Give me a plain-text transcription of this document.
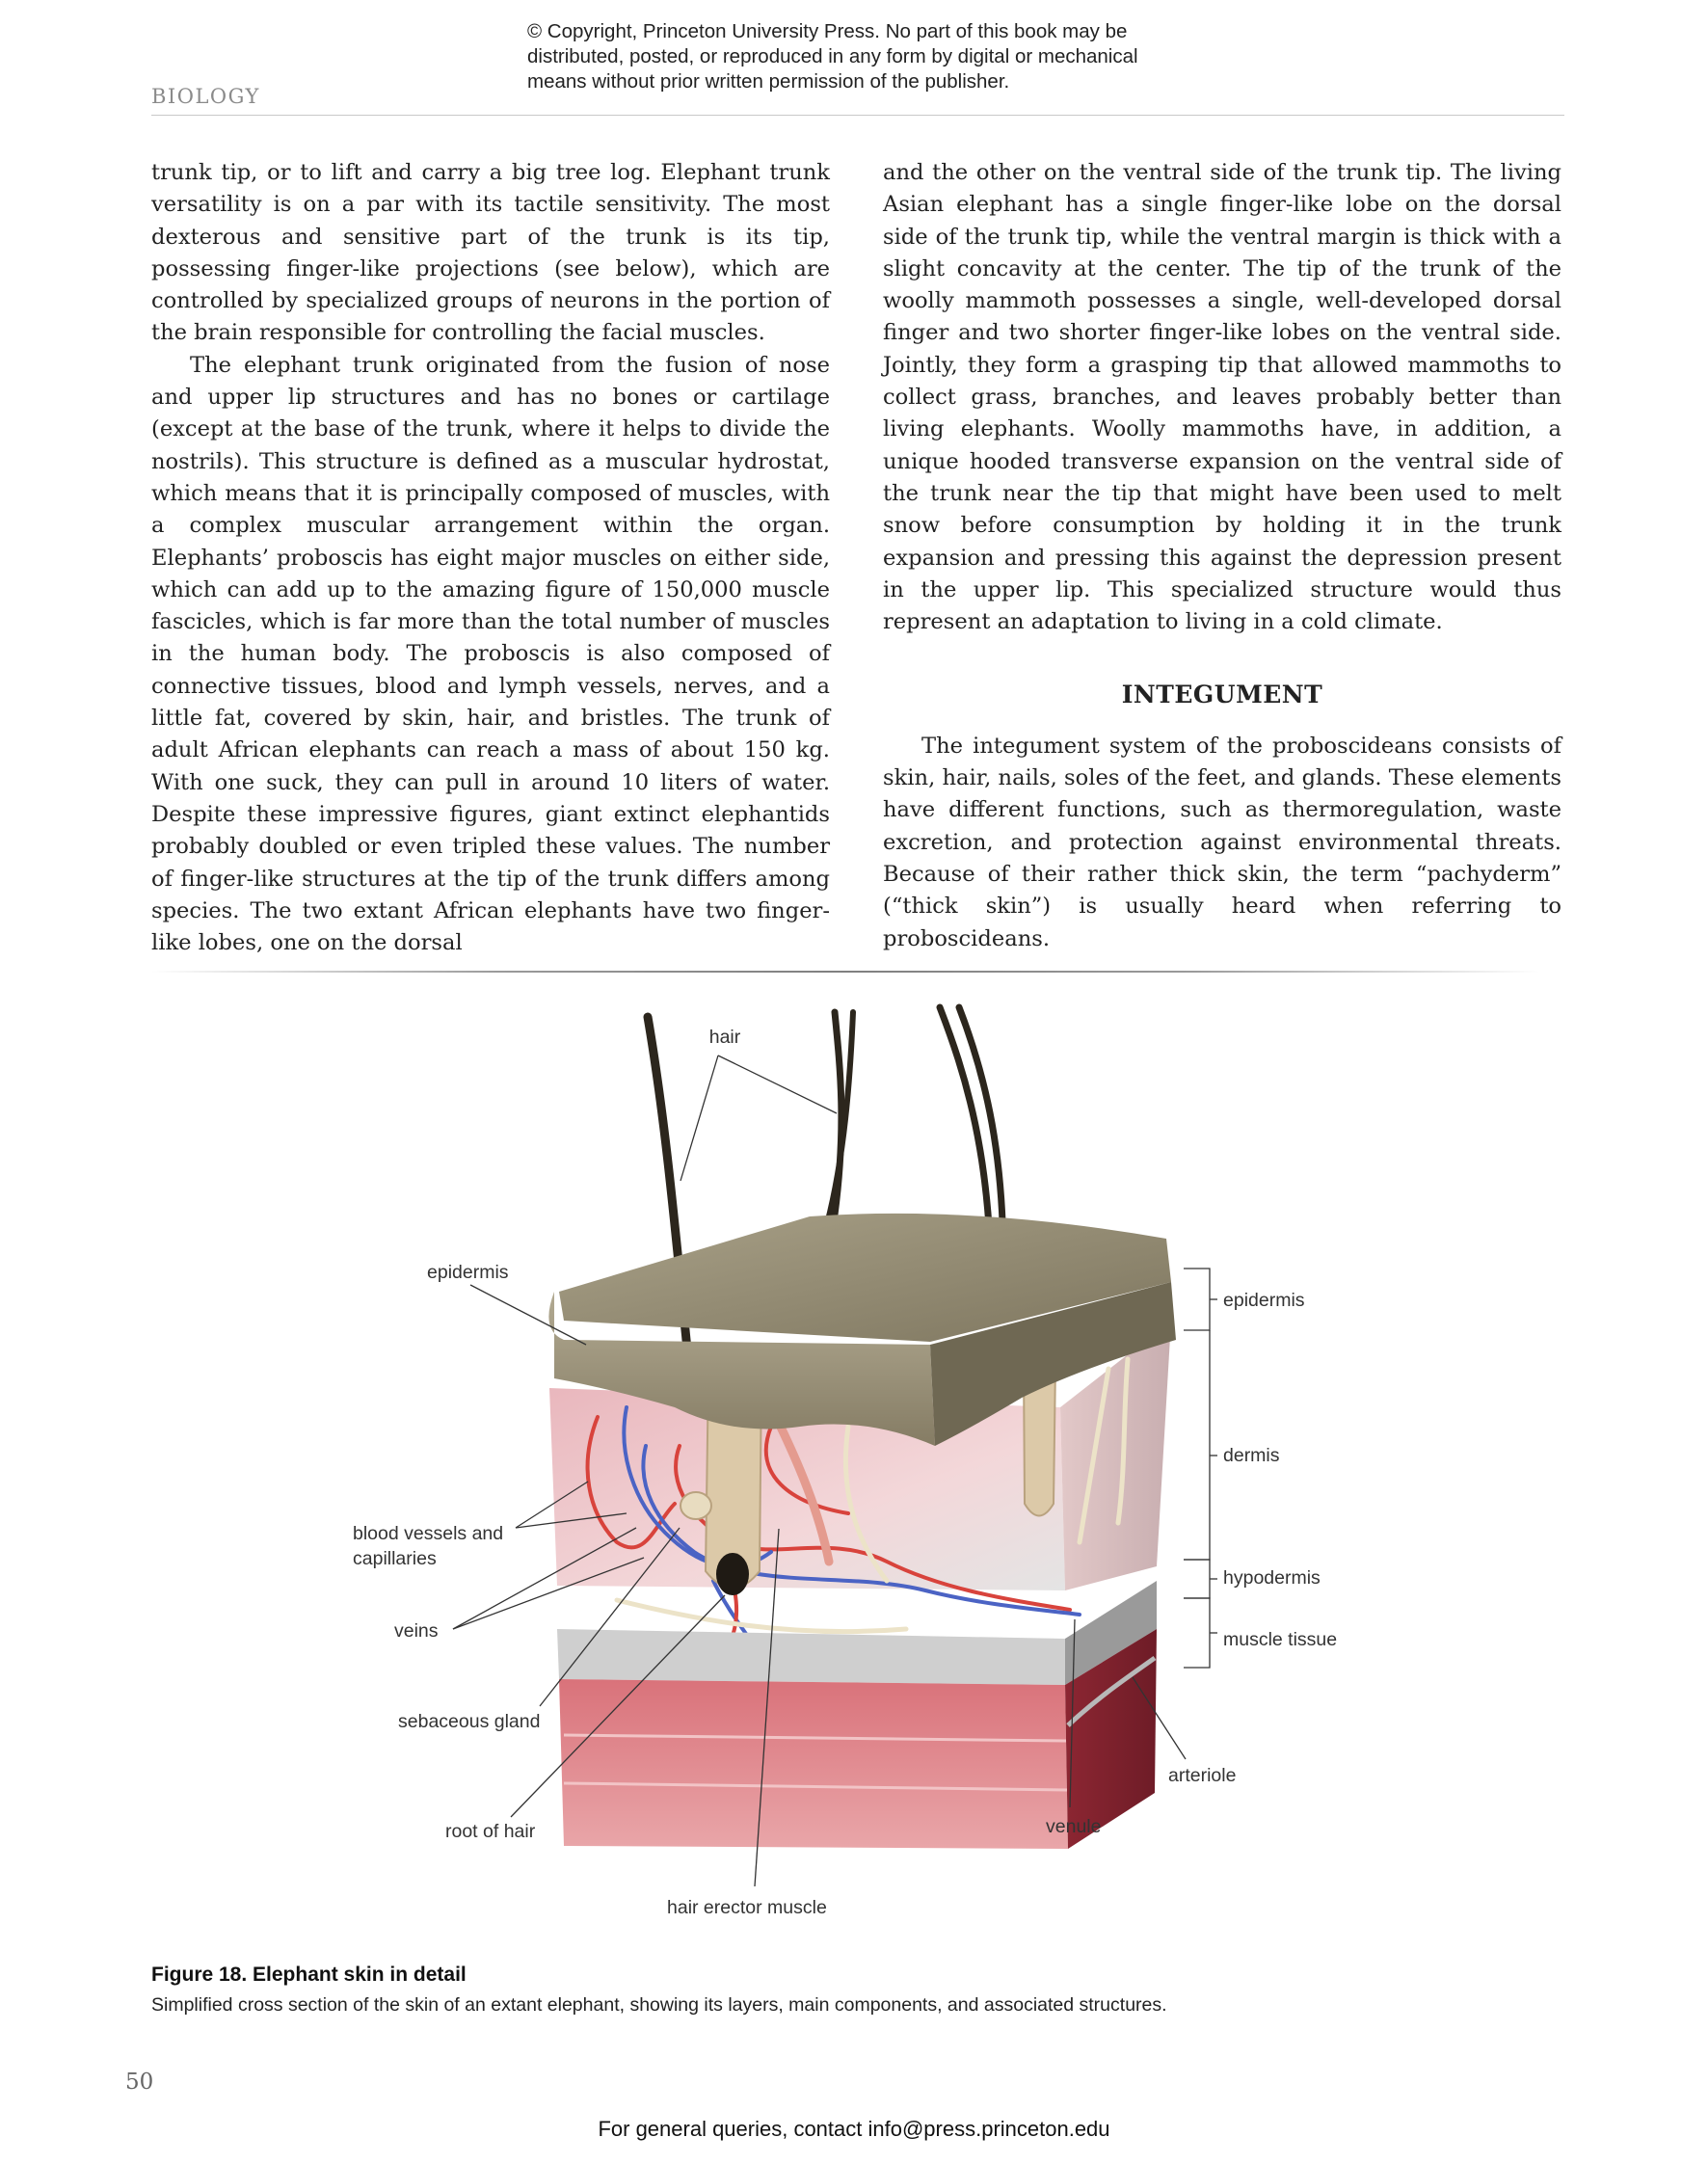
© Copyright, Princeton University Press. No part of this book may be
distributed, posted, or reproduced in any form by digital or mechanical
means without prior written permission of the publisher.
BIOLOGY

trunk tip, or to lift and carry a big tree log. Elephant trunk versatility is on a par with its tactile sensitivity. The most dexterous and sensitive part of the trunk is its tip, possessing finger-like projections (see below), which are controlled by specialized groups of neurons in the portion of the brain responsible for controlling the facial muscles.

The elephant trunk originated from the fusion of nose and upper lip structures and has no bones or cartilage (except at the base of the trunk, where it helps to divide the nostrils). This structure is defined as a muscular hydrostat, which means that it is principally composed of muscles, with a complex muscular arrangement within the organ. Elephants’ proboscis has eight major muscles on either side, which can add up to the amazing figure of 150,000 muscle fascicles, which is far more than the total number of muscles in the human body. The proboscis is also composed of connective tissues, blood and lymph vessels, nerves, and a little fat, covered by skin, hair, and bristles. The trunk of adult African elephants can reach a mass of about 150 kg. With one suck, they can pull in around 10 liters of water. Despite these impressive figures, giant extinct elephantids probably doubled or even tripled these values. The number of finger-like structures at the tip of the trunk differs among species. The two extant African elephants have two finger-like lobes, one on the dorsal

and the other on the ventral side of the trunk tip. The living Asian elephant has a single finger-like lobe on the dorsal side of the trunk tip, while the ventral margin is thick with a slight concavity at the center. The tip of the trunk of the woolly mammoth possesses a single, well-developed dorsal finger and two shorter finger-like lobes on the ventral side. Jointly, they form a grasping tip that allowed mammoths to collect grass, branches, and leaves probably better than living elephants. Woolly mammoths have, in addition, a unique hooded transverse expansion on the ventral side of the trunk near the tip that might have been used to melt snow before consumption by holding it in the trunk expansion and pressing this against the depression present in the upper lip. This specialized structure would thus represent an adaptation to living in a cold climate.

INTEGUMENT

The integument system of the proboscideans consists of skin, hair, nails, soles of the feet, and glands. These elements have different functions, such as thermoregulation, waste excretion, and protection against environmental threats. Because of their rather thick skin, the term “pachyderm” (“thick skin”) is usually heard when referring to proboscideans.

hair
epidermis
blood vessels and
capillaries
veins
sebaceous gland
root of hair
hair erector muscle
venule
arteriole
epidermis
dermis
hypodermis
muscle tissue
Figure 18. Elephant skin in detail
Simplified cross section of the skin of an extant elephant, showing its layers, main components, and associated structures.
50
For general queries, contact info@press.princeton.edu
